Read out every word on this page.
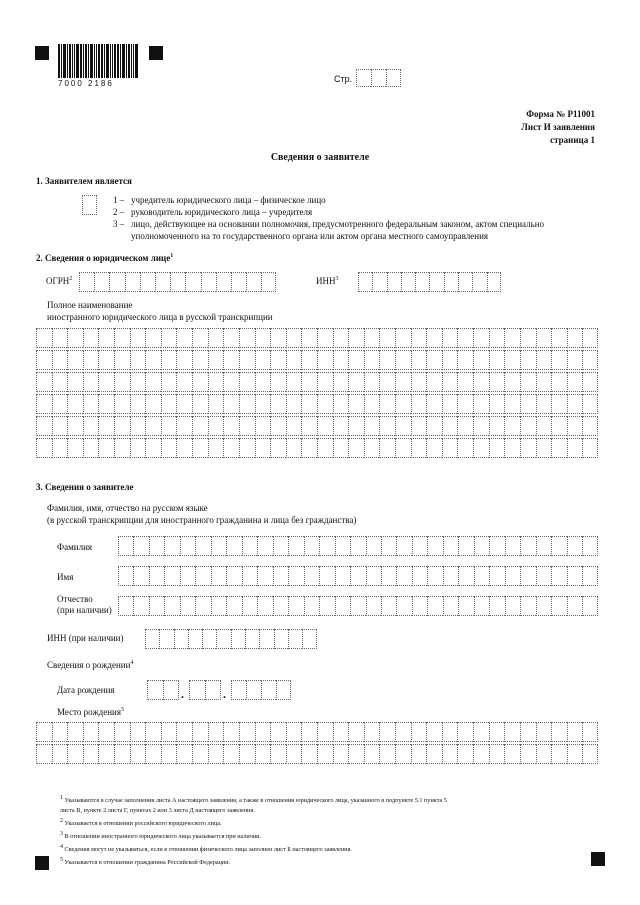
7000 2186	Стр.
Форма № Р11001
Лист И заявления
страница 1
Сведения о заявителе
1. Заявителем является
1 – учредитель юридического лица – физическое лицо
2 – руководитель юридического лица – учредителя
3 – лицо, действующее на основании полномочия, предусмотренного федеральным законом, актом специально
уполномоченного на то государственного органа или актом органа местного самоуправления
2. Сведения о юридическом лице$^1$
ОГРН$^2$	ИНН$^3$
Полное наименование
иностранного юридического лица в русской транскрипции
3. Сведения о заявителе
Фамилия, имя, отчество на русском языке
(в русской транскрипции для иностранного гражданина и лица без гражданства)
Фамилия
Имя
Отчество
(при наличии)
ИНН (при наличии)
Сведения о рождении$^4$
Дата рождения	.	.
Место рождения$^5$
$^1$ Указываются в случае заполнения листа А настоящего заявления, а также в отношении юридического лица, указанного в подпункте 5.1 пункта 5
листа В, пункте 2 листа Г, пунктах 2 или 3 листа Д настоящего заявления.
$^2$ Указывается в отношении российского юридического лица.
$^3$ В отношении иностранного юридического лица указывается при наличии.
$^4$ Сведения могут не указываться, если в отношении физического лица заполнен лист Б настоящего заявления.
$^5$ Указывается в отношении гражданина Российской Федерации.
